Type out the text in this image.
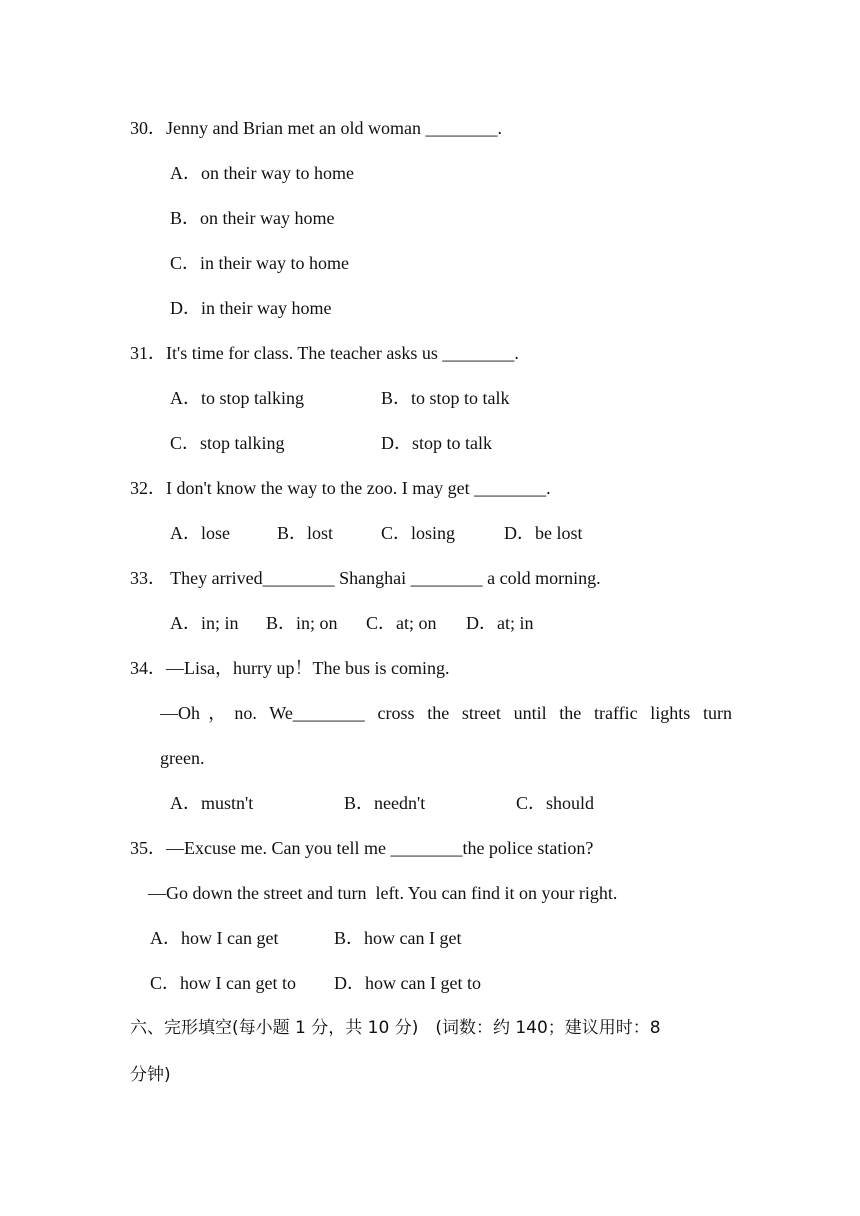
30．Jenny and Brian met an old woman ________.
A．on their way to home
B．on their way home
C．in their way to home
D．in their way home
31．It's time for class. The teacher asks us ________.
A．to stop talking	B．to stop to talk
C．stop talking	D．stop to talk
32．I don't know the way to the zoo. I may get ________.
A．lose	B．lost	C．losing	D．be lost
33． They arrived________ Shanghai ________ a cold morning.
A．in; in B．in; on C．at; on D．at; in
34．—Lisa，hurry up！The bus is coming.
—Oh，no. We________ cross the street until the traffic lights turn
green.
A．mustn't	B．needn't	C．should
35．—Excuse me. Can you tell me ________the police station?
—Go down the street and turn  left. You can find it on your right.
A．how I can get	B．how can I get
C．how I can get to D．how can I get to
六、完形填空(每小题 1 分，共 10 分)　(词数：约 140；建议用时：8
分钟)
